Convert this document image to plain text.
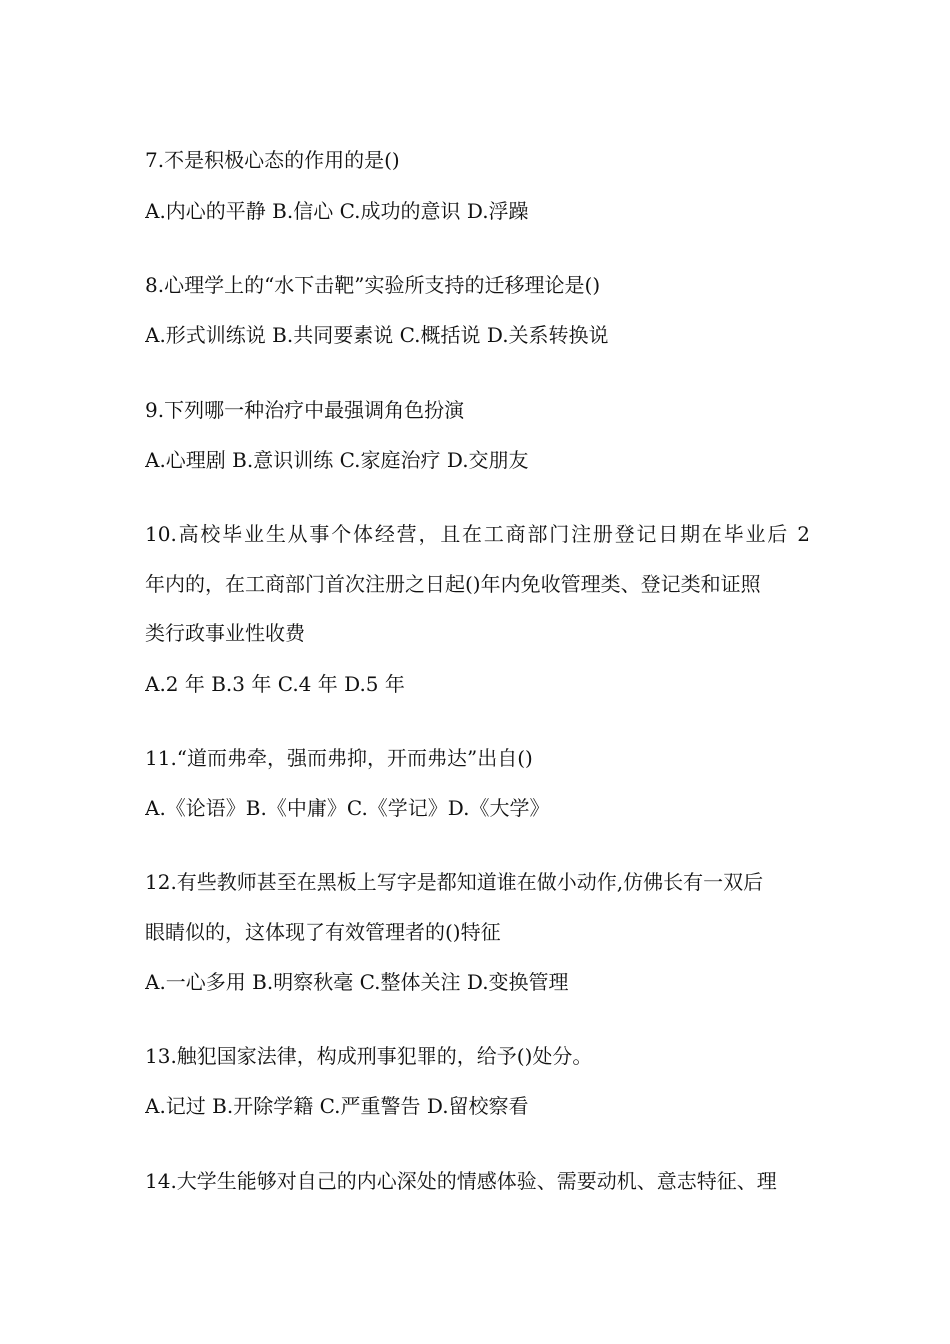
7.不是积极心态的作用的是()
A.内心的平静 B.信心 C.成功的意识 D.浮躁
8.心理学上的“水下击靶”实验所支持的迁移理论是()
A.形式训练说 B.共同要素说 C.概括说 D.关系转换说
9.下列哪一种治疗中最强调角色扮演
A.心理剧 B.意识训练 C.家庭治疗 D.交朋友
10.高校毕业生从事个体经营，且在工商部门注册登记日期在毕业后 2
年内的，在工商部门首次注册之日起()年内免收管理类、登记类和证照
类行政事业性收费
A.2 年 B.3 年 C.4 年 D.5 年
11.“道而弗牵，强而弗抑，开而弗达”出自()
A.《论语》B.《中庸》C.《学记》D.《大学》
12.有些教师甚至在黑板上写字是都知道谁在做小动作,仿佛长有一双后
眼睛似的，这体现了有效管理者的()特征
A.一心多用 B.明察秋毫 C.整体关注 D.变换管理
13.触犯国家法律，构成刑事犯罪的，给予()处分。
A.记过 B.开除学籍 C.严重警告 D.留校察看
14.大学生能够对自己的内心深处的情感体验、需要动机、意志特征、理
